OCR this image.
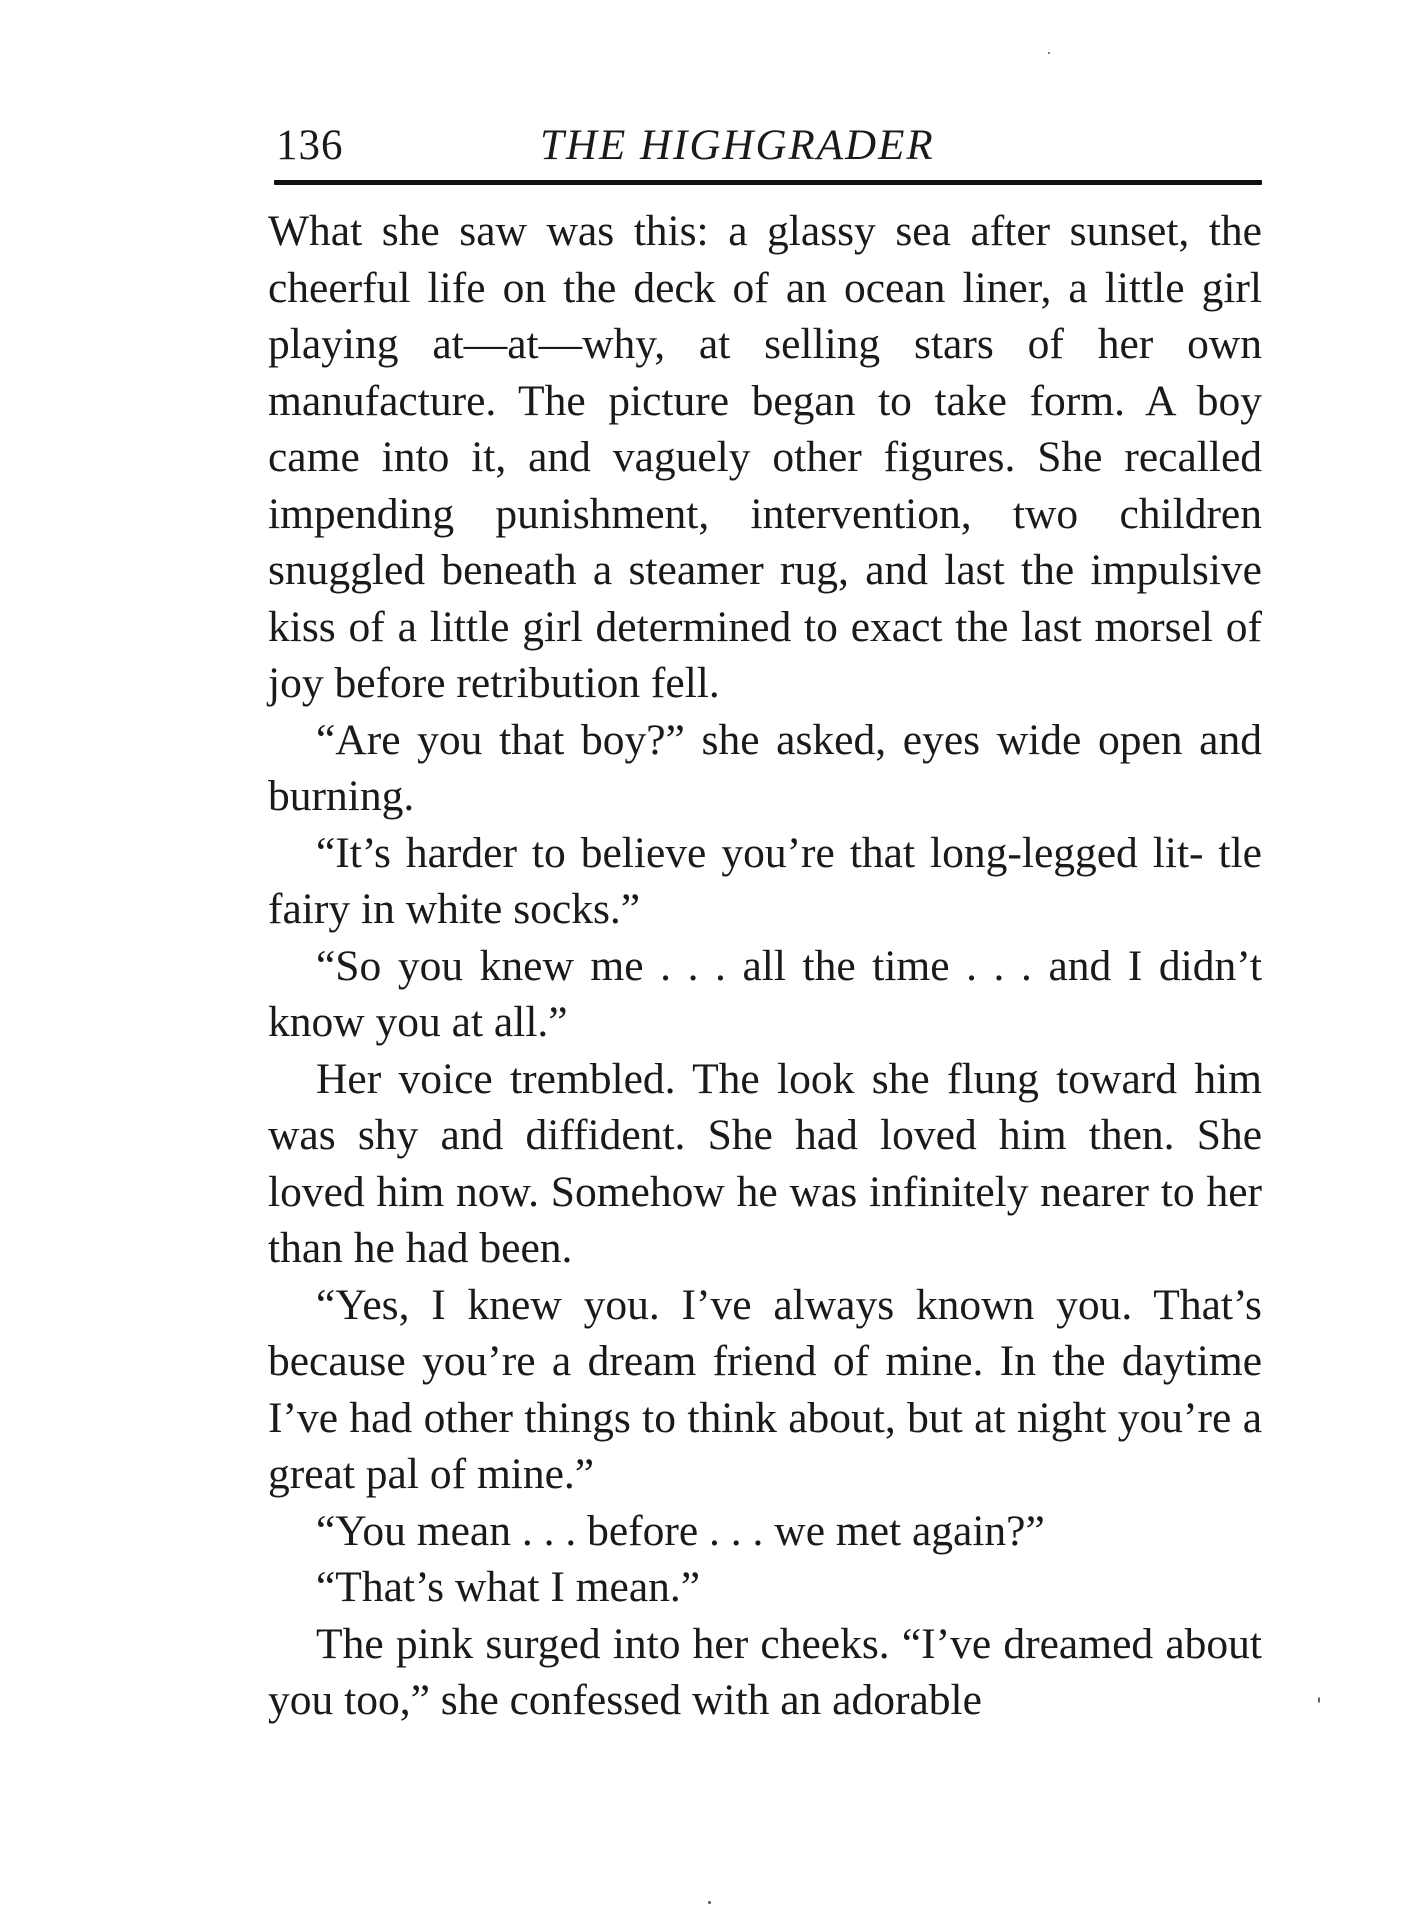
136	THE HIGHGRADER

What she saw was this: a glassy sea after sunset, the cheerful life on the deck of an ocean liner, a little girl playing at—at—why, at selling stars of her own manufacture. The picture began to take form. A boy came into it, and vaguely other figures. She recalled impending punishment, intervention, two children snuggled beneath a steamer rug, and last the impulsive kiss of a little girl determined to exact the last morsel of joy before retribution fell.

“Are you that boy?” she asked, eyes wide open and burning.

“It’s harder to believe you’re that long-legged lit- tle fairy in white socks.”

“So you knew me . . . all the time . . . and I didn’t know you at all.”

Her voice trembled. The look she flung toward him was shy and diffident. She had loved him then. She loved him now. Somehow he was infinitely nearer to her than he had been.

“Yes, I knew you. I’ve always known you. That’s because you’re a dream friend of mine. In the daytime I’ve had other things to think about, but at night you’re a great pal of mine.”

“You mean . . . before . . . we met again?”

“That’s what I mean.”

The pink surged into her cheeks. “I’ve dreamed about you too,” she confessed with an adorable
